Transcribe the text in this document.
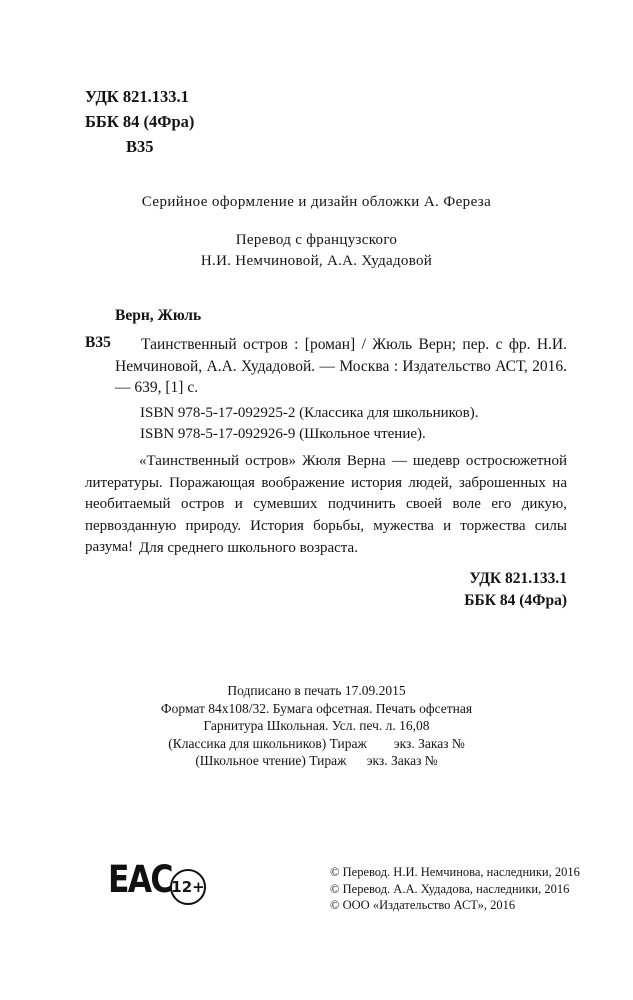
УДК 821.133.1
ББК 84 (4Фра)
В35
Серийное оформление и дизайн обложки А. Фереза
Перевод с французского
Н.И. Немчиновой, А.А. Худадовой
Верн, Жюль
В35	Таинственный остров : [роман] / Жюль Верн; пер. с фр. Н.И. Немчиновой, А.А. Худадовой. — Москва : Издательство АСТ, 2016. — 639, [1] с.
ISBN 978-5-17-092925-2 (Классика для школьников).
ISBN 978-5-17-092926-9 (Школьное чтение).
«Таинственный остров» Жюля Верна — шедевр остросюжетной литературы. Поражающая воображение история людей, заброшенных на необитаемый остров и сумевших подчинить своей воле его дикую, первозданную природу. История борьбы, мужества и торжества силы разума! Для среднего школьного возраста.
УДК 821.133.1
ББК 84 (4Фра)
Подписано в печать 17.09.2015
Формат 84х108/32. Бумага офсетная. Печать офсетная
Гарнитура Школьная. Усл. печ. л. 16,08
(Классика для школьников) Тираж        экз. Заказ №
(Школьное чтение) Тираж      экз. Заказ №
ЕАС 12+
© Перевод. Н.И. Немчинова, наследники, 2016
© Перевод. А.А. Худадова, наследники, 2016
© ООО «Издательство АСТ», 2016
